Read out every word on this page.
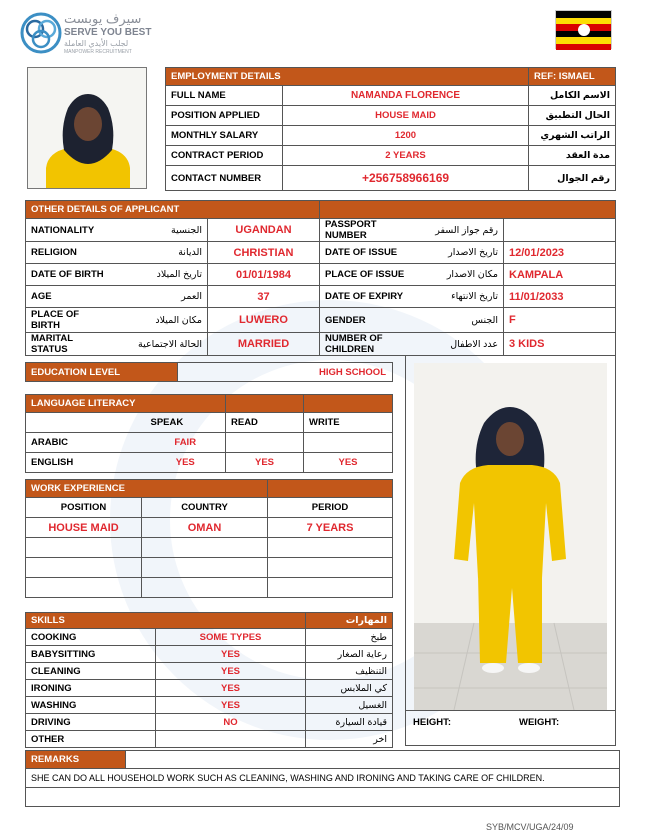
سيرف يوبست
SERVE YOU BEST
لجلب الأيدي العاملة
MANPOWER RECRUITMENT
EMPLOYMENT DETAILS		REF: ISMAEL
FULL NAME	NAMANDA FLORENCE	الاسم الكامل
POSITION APPLIED	HOUSE MAID	الحال التطبيق
MONTHLY SALARY	1200	الراتب الشهري
CONTRACT PERIOD	2 YEARS	مدة العقد
CONTACT NUMBER	+256758966169	رقم الجوال
OTHER DETAILS OF APPLICANT					
NATIONALITY	الجنسية	UGANDAN	PASSPORT NUMBER	رقم جواز السفر	
RELIGION	الديانة	CHRISTIAN	DATE OF ISSUE	تاريخ الاصدار	12/01/2023
DATE OF BIRTH	تاريخ الميلاد	01/01/1984	PLACE OF ISSUE	مكان الاصدار	KAMPALA
AGE	العمر	37	DATE OF EXPIRY	تاريخ الانتهاء	11/01/2033
PLACE OF BIRTH	مكان الميلاد	LUWERO	GENDER	الجنس	F
MARITAL STATUS	الحالة الاجتماعية	MARRIED	NUMBER OF CHILDREN	عدد الاطفال	3 KIDS
EDUCATION LEVEL	HIGH SCHOOL
LANGUAGE LITERACY			
	SPEAK	READ	WRITE
ARABIC	FAIR		
ENGLISH	YES	YES	YES
WORK EXPERIENCE		
POSITION	COUNTRY	PERIOD
HOUSE MAID	OMAN	7 YEARS

SKILLS		المهارات
COOKING	SOME TYPES	طبخ
BABYSITTING	YES	رعاية الصغار
CLEANING	YES	التنظيف
IRONING	YES	كي الملابس
WASHING	YES	الغسيل
DRIVING	NO	قيادة السيارة
OTHER		اخر
HEIGHT:	WEIGHT:
REMARKS	
SHE CAN DO ALL HOUSEHOLD WORK SUCH AS CLEANING, WASHING AND IRONING AND TAKING CARE OF CHILDREN.

SYB/MCV/UGA/24/09
